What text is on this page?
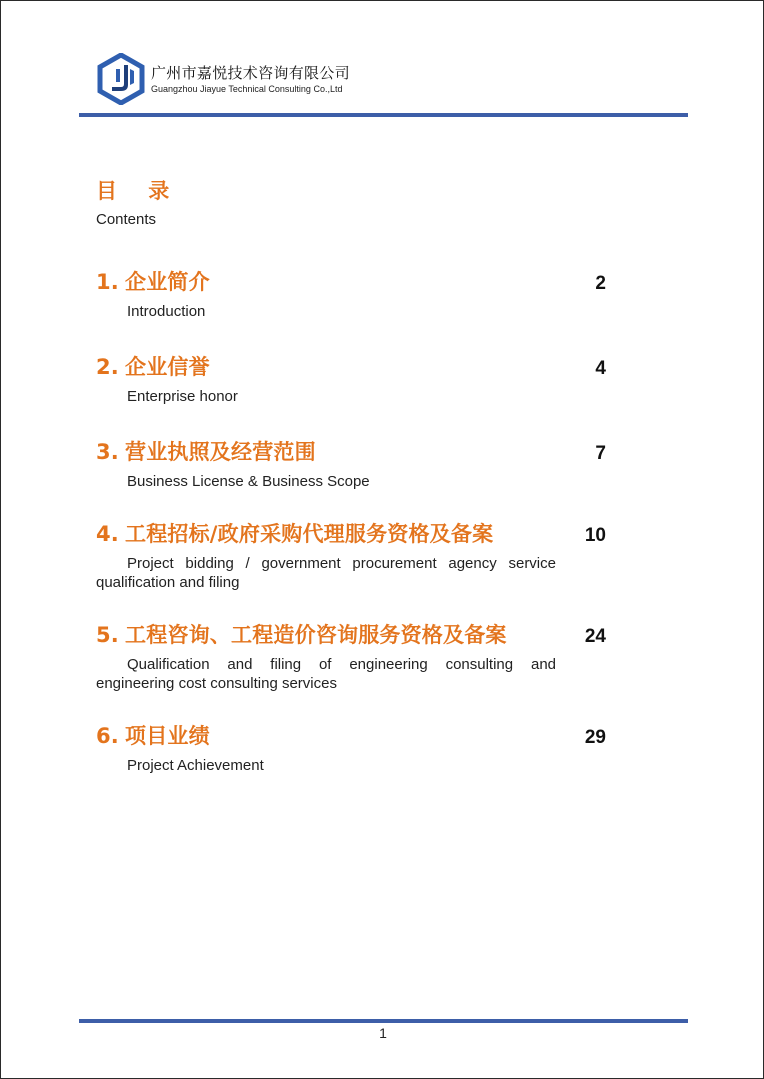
广州市嘉悦技术咨询有限公司
Guangzhou Jiayue Technical Consulting Co.,Ltd
目 录
Contents
1. 企业简介	2
Introduction
2. 企业信誉	4
Enterprise honor
3. 营业执照及经营范围	7
Business License & Business Scope
4. 工程招标/政府采购代理服务资格及备案	10
Project bidding / government procurement agency service qualification and filing
5. 工程咨询、工程造价咨询服务资格及备案	24
Qualification and filing of engineering consulting and engineering cost consulting services
6. 项目业绩	29
Project Achievement
1
